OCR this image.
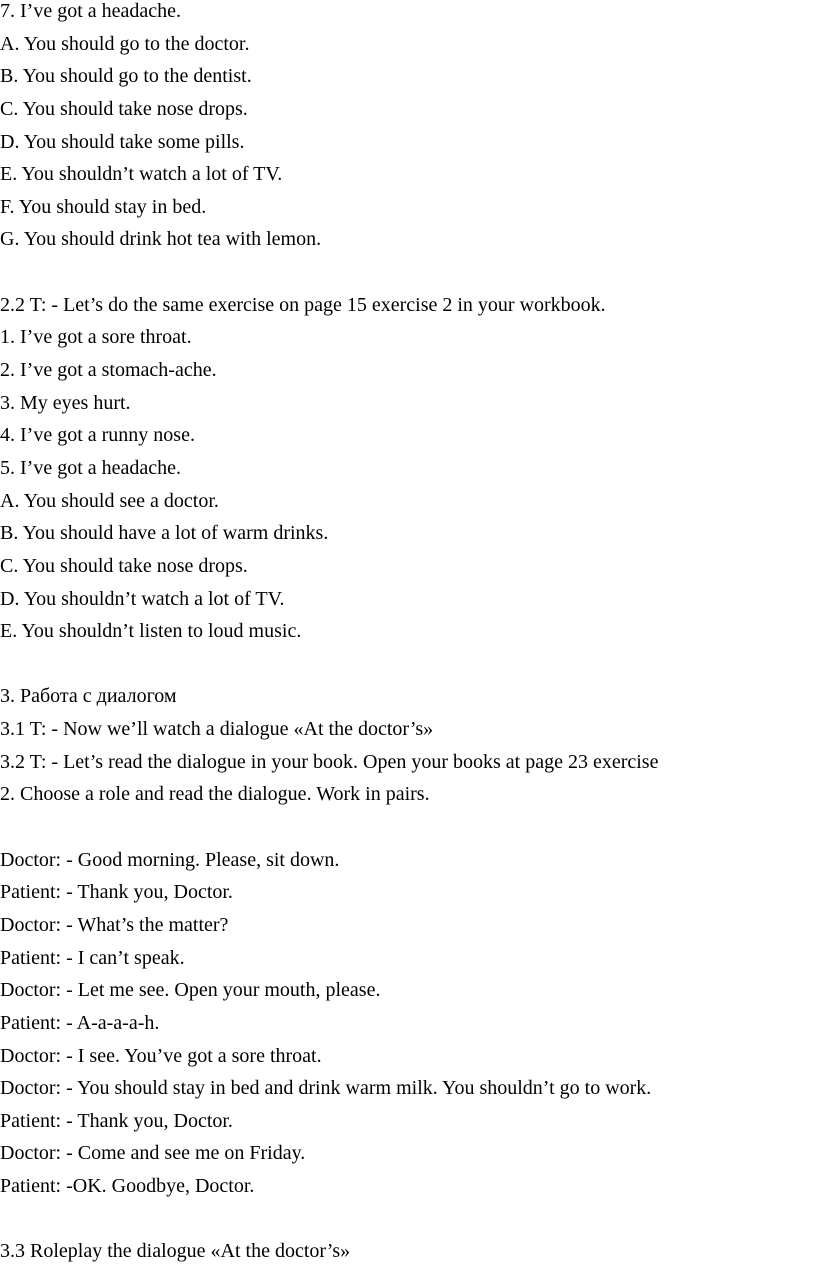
7. I’ve got a headache.
A. You should go to the doctor.
B. You should go to the dentist.
C. You should take nose drops.
D. You should take some pills.
E. You shouldn’t watch a lot of TV.
F. You should stay in bed.
G. You should drink hot tea with lemon.
2.2 T: - Let’s do the same exercise on page 15 exercise 2 in your workbook.
1. I’ve got a sore throat.
2. I’ve got a stomach-ache.
3. My eyes hurt.
4. I’ve got a runny nose.
5. I’ve got a headache.
A. You should see a doctor.
B. You should have a lot of warm drinks.
C. You should take nose drops.
D. You shouldn’t watch a lot of TV.
E. You shouldn’t listen to loud music.
3. Работа с диалогом
3.1 T: - Now we’ll watch a dialogue «At the doctor’s»
3.2 T: - Let’s read the dialogue in your book. Open your books at page 23 exercise
2. Choose a role and read the dialogue. Work in pairs.
Doctor: - Good morning. Please, sit down.
Patient: - Thank you, Doctor.
Doctor: - What’s the matter?
Patient: - I can’t speak.
Doctor: - Let me see. Open your mouth, please.
Patient: - A-a-a-a-h.
Doctor: - I see. You’ve got a sore throat.
Doctor: - You should stay in bed and drink warm milk. You shouldn’t go to work.
Patient: - Thank you, Doctor.
Doctor: - Come and see me on Friday.
Patient: -OK. Goodbye, Doctor.
3.3 Roleplay the dialogue «At the doctor’s»
